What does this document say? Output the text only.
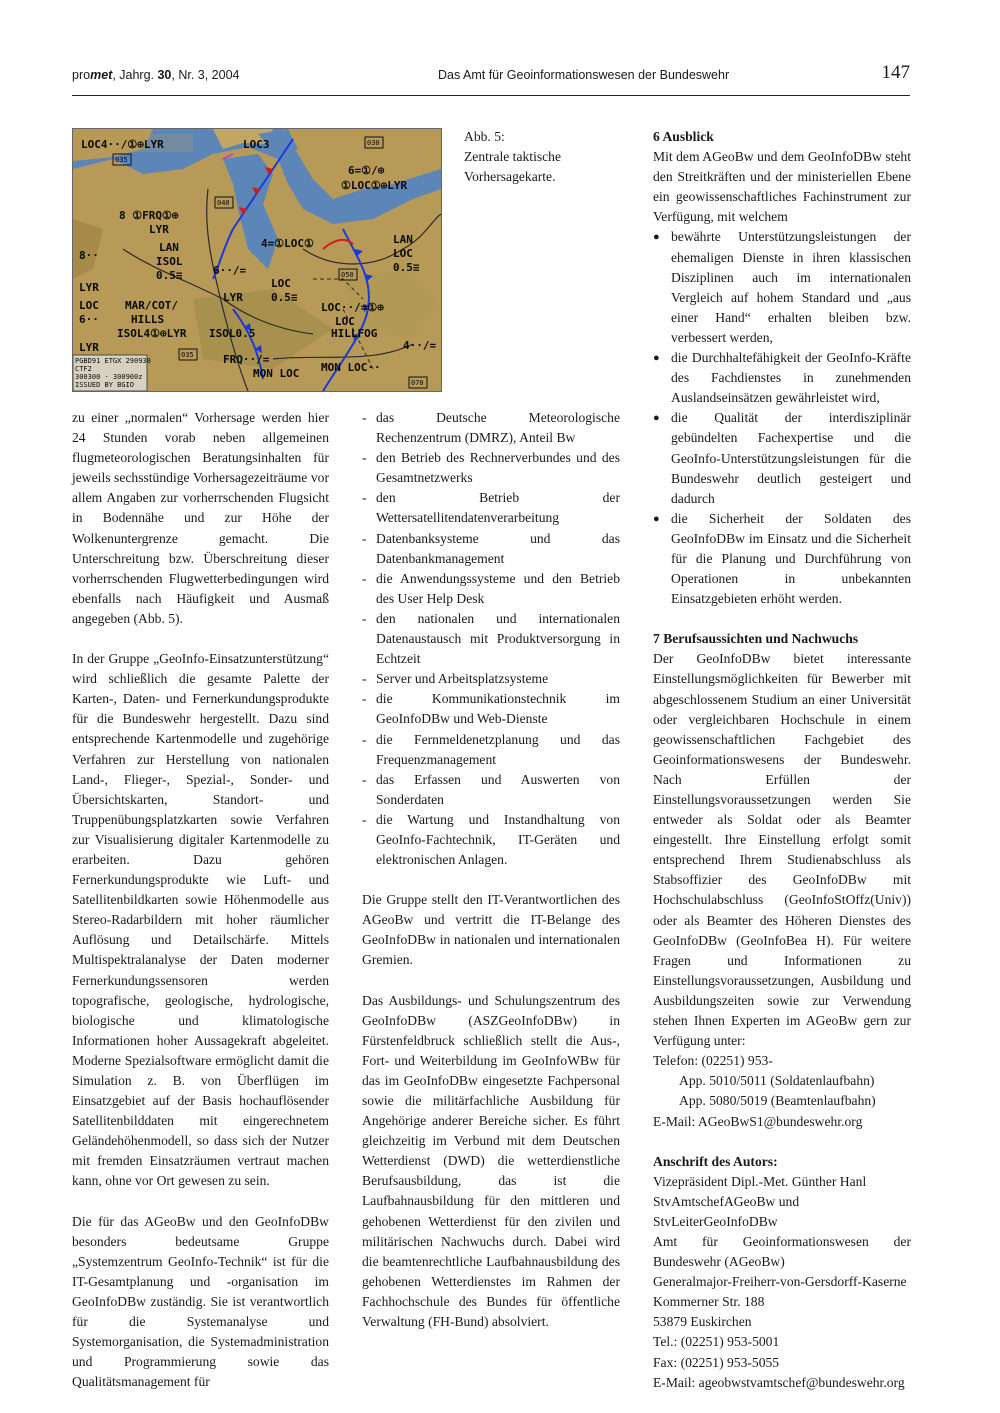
promet, Jahrg. 30, Nr. 3, 2004	Das Amt für Geoinformationswesen der Bundeswehr	147
LOC4··/①⊕LYR	LOC3
6=①/⊕
①LOC①⊕LYR
8 ①FRQ①⊕
LYR
LAN
ISOL
0.5≡
4=①LOC①	LAN
LOC
0.5≡
6··/=
LYR
LOC
0.5≡
8··
LYR
LOC
6··
LYR
MAR/COT/
HILLS
ISOL4①⊕LYR ISOL0.5
LOC··/=①⊕
LOC
HILLFOG
FRQ··/=
MON LOC MON LOC··
4··/=
035
030
040
050
035
070
PGBD91 ETGX 290930
CTF2
300300 - 300900z
ISSUED BY BGIO
Abb. 5:
Zentrale taktische Vorhersagekarte.

zu einer „normalen“ Vorhersage werden hier 24 Stunden vorab neben allgemeinen flugmeteorologischen Beratungsinhalten für jeweils sechsstündige Vorhersagezeiträume vor allem Angaben zur vorherrschenden Flugsicht in Bodennähe und zur Höhe der Wolkenuntergrenze gemacht. Die Unterschreitung bzw. Überschreitung dieser vorherrschenden Flugwetterbedingungen wird ebenfalls nach Häufigkeit und Ausmaß angegeben (Abb. 5).

In der Gruppe „GeoInfo-Einsatzunterstützung“ wird schließlich die gesamte Palette der Karten-, Daten- und Fernerkundungsprodukte für die Bundeswehr hergestellt. Dazu sind entsprechende Kartenmodelle und zugehörige Verfahren zur Herstellung von nationalen Land-, Flieger-, Spezial-, Sonder- und Übersichtskarten, Standort- und Truppenübungsplatzkarten sowie Verfahren zur Visualisierung digitaler Kartenmodelle zu erarbeiten. Dazu gehören Fernerkundungsprodukte wie Luft- und Satellitenbildkarten sowie Höhenmodelle aus Stereo-Radarbildern mit hoher räumlicher Auflösung und Detailschärfe. Mittels Multispektralanalyse der Daten moderner Fernerkundungssensoren werden topografische, geologische, hydrologische, biologische und klimatologische Informationen hoher Aussagekraft abgeleitet. Moderne Spezialsoftware ermöglicht damit die Simulation z. B. von Überflügen im Einsatzgebiet auf der Basis hochauflösender Satellitenbilddaten mit eingerechnetem Geländehöhenmodell, so dass sich der Nutzer mit fremden Einsatzräumen vertraut machen kann, ohne vor Ort gewesen zu sein.

Die für das AGeoBw und den GeoInfoDBw besonders bedeutsame Gruppe „Systemzentrum GeoInfo-Technik“ ist für die IT-Gesamtplanung und -organisation im GeoInfoDBw zuständig. Sie ist verantwortlich für die Systemanalyse und Systemorganisation, die Systemadministration und Programmierung sowie das Qualitätsmanagement für

- das Deutsche Meteorologische Rechenzentrum (DMRZ), Anteil Bw
- den Betrieb des Rechnerverbundes und des Gesamtnetzwerks
- den Betrieb der Wettersatellitendatenverarbeitung
- Datenbanksysteme und das Datenbankmanagement
- die Anwendungssysteme und den Betrieb des User Help Desk
- den nationalen und internationalen Datenaustausch mit Produktversorgung in Echtzeit
- Server und Arbeitsplatzsysteme
- die Kommunikationstechnik im GeoInfoDBw und Web-Dienste
- die Fernmeldenetzplanung und das Frequenzmanagement
- das Erfassen und Auswerten von Sonderdaten
- die Wartung und Instandhaltung von GeoInfo-Fachtechnik, IT-Geräten und elektronischen Anlagen.

Die Gruppe stellt den IT-Verantwortlichen des AGeoBw und vertritt die IT-Belange des GeoInfoDBw in nationalen und internationalen Gremien.

Das Ausbildungs- und Schulungszentrum des GeoInfoDBw (ASZGeoInfoDBw) in Fürstenfeldbruck schließlich stellt die Aus-, Fort- und Weiterbildung im GeoInfoWBw für das im GeoInfoDBw eingesetzte Fachpersonal sowie die militärfachliche Ausbildung für Angehörige anderer Bereiche sicher. Es führt gleichzeitig im Verbund mit dem Deutschen Wetterdienst (DWD) die wetterdienstliche Berufsausbildung, das ist die Laufbahnausbildung für den mittleren und gehobenen Wetterdienst für den zivilen und militärischen Nachwuchs durch. Dabei wird die beamtenrechtliche Laufbahnausbildung des gehobenen Wetterdienstes im Rahmen der Fachhochschule des Bundes für öffentliche Verwaltung (FH-Bund) absolviert.

6 Ausblick
Mit dem AGeoBw und dem GeoInfoDBw steht den Streitkräften und der ministeriellen Ebene ein geowissenschaftliches Fachinstrument zur Verfügung, mit welchem
● bewährte Unterstützungsleistungen der ehemaligen Dienste in ihren klassischen Disziplinen auch im internationalen Vergleich auf hohem Standard und „aus einer Hand“ erhalten bleiben bzw. verbessert werden,
● die Durchhaltefähigkeit der GeoInfo-Kräfte des Fachdienstes in zunehmenden Auslandseinsätzen gewährleistet wird,
● die Qualität der interdisziplinär gebündelten Fachexpertise und die GeoInfo-Unterstützungsleistungen für die Bundeswehr deutlich gesteigert und dadurch
● die Sicherheit der Soldaten des GeoInfoDBw im Einsatz und die Sicherheit für die Planung und Durchführung von Operationen in unbekannten Einsatzgebieten erhöht werden.
7 Berufsaussichten und Nachwuchs
Der GeoInfoDBw bietet interessante Einstellungsmöglichkeiten für Bewerber mit abgeschlossenem Studium an einer Universität oder vergleichbaren Hochschule in einem geowissenschaftlichen Fachgebiet des Geoinformationswesens der Bundeswehr. Nach Erfüllen der Einstellungsvoraussetzungen werden Sie entweder als Soldat oder als Beamter eingestellt. Ihre Einstellung erfolgt somit entsprechend Ihrem Studienabschluss als Stabsoffizier des GeoInfoDBw mit Hochschulabschluss (GeoInfoStOffz(Univ)) oder als Beamter des Höheren Dienstes des GeoInfoDBw (GeoInfoBea H). Für weitere Fragen und Informationen zu Einstellungsvoraussetzungen, Ausbildung und Ausbildungszeiten sowie zur Verwendung stehen Ihnen Experten im AGeoBw gern zur Verfügung unter:
Telefon: (02251) 953-
App. 5010/5011 (Soldatenlaufbahn)
App. 5080/5019 (Beamtenlaufbahn)
E-Mail: AGeoBwS1@bundeswehr.org
Anschrift des Autors:
Vizepräsident Dipl.-Met. Günther Hanl
StvAmtschefAGeoBw und
StvLeiterGeoInfoDBw
Amt für Geoinformationswesen der Bundeswehr (AGeoBw)
Generalmajor-Freiherr-von-Gersdorff-Kaserne
Kommerner Str. 188
53879 Euskirchen
Tel.: (02251) 953-5001
Fax: (02251) 953-5055
E-Mail: ageobwstvamtschef@bundeswehr.org
